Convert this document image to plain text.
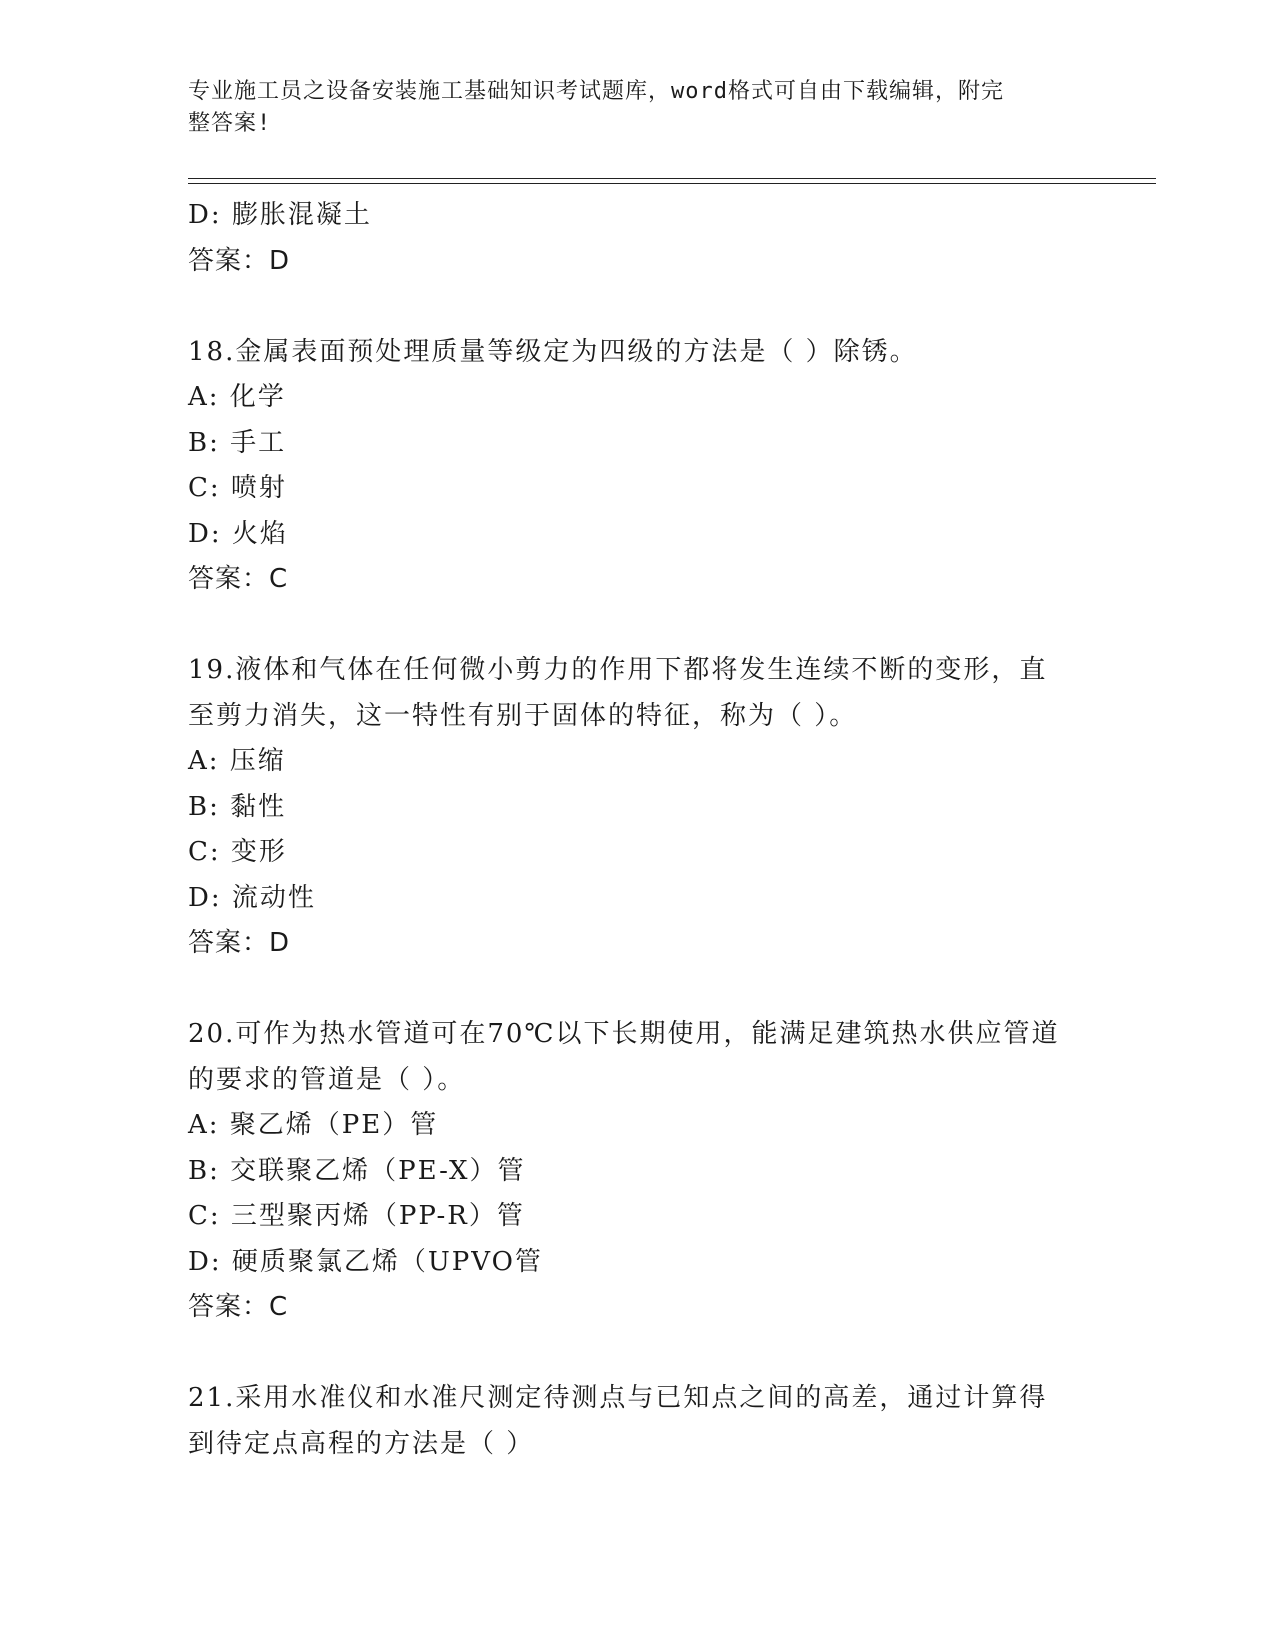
专业施工员之设备安装施工基础知识考试题库，word格式可自由下载编辑，附完
整答案!
D: 膨胀混凝土
答案：D
18.金属表面预处理质量等级定为四级的方法是（ ）除锈。
A: 化学
B: 手工
C: 喷射
D: 火焰
答案：C
19.液体和气体在任何微小剪力的作用下都将发生连续不断的变形，直
至剪力消失，这一特性有别于固体的特征，称为（ ）。
A: 压缩
B: 黏性
C: 变形
D: 流动性
答案：D
20.可作为热水管道可在70℃以下长期使用，能满足建筑热水供应管道
的要求的管道是（ ）。
A: 聚乙烯（PE）管
B: 交联聚乙烯（PE-X）管
C: 三型聚丙烯（PP-R）管
D: 硬质聚氯乙烯（UPVO管
答案：C
21.采用水准仪和水准尺测定待测点与已知点之间的高差，通过计算得
到待定点高程的方法是（ ）
